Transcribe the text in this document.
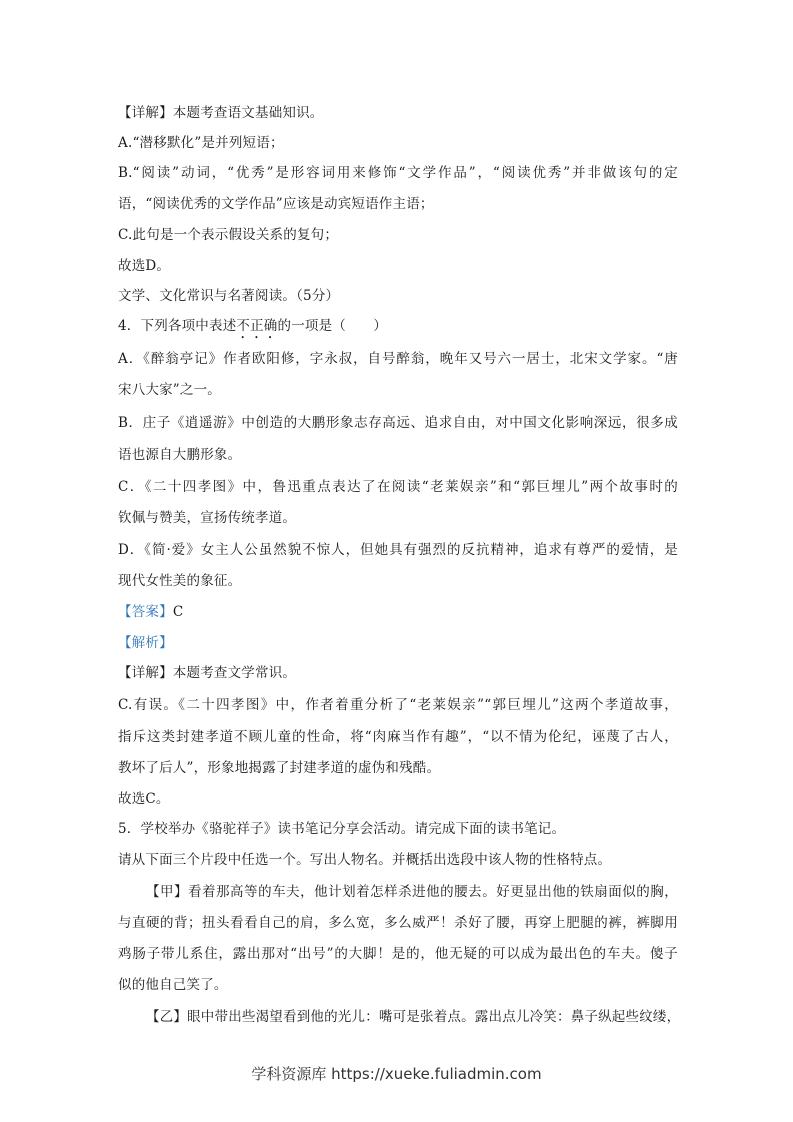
【详解】本题考查语文基础知识。
A.“潜移默化”是并列短语；
B.“阅读”动词，“优秀”是形容词用来修饰“文学作品”，“阅读优秀”并非做该句的定
语，“阅读优秀的文学作品”应该是动宾短语作主语；
C.此句是一个表示假设关系的复句；
故选D。
文学、文化常识与名著阅读。（5分）
4．下列各项中表述不正确的一项是（　　）
A．《醉翁亭记》作者欧阳修，字永叔，自号醉翁，晚年又号六一居士，北宋文学家。“唐
宋八大家”之一。
B．庄子《逍遥游》中创造的大鹏形象志存高远、追求自由，对中国文化影响深远，很多成
语也源自大鹏形象。
C．《二十四孝图》中，鲁迅重点表达了在阅读“老莱娱亲”和“郭巨埋儿”两个故事时的
钦佩与赞美，宣扬传统孝道。
D．《简·爱》女主人公虽然貌不惊人，但她具有强烈的反抗精神，追求有尊严的爱情，是
现代女性美的象征。
【答案】C
【解析】
【详解】本题考查文学常识。
C.有误。《二十四孝图》中，作者着重分析了“老莱娱亲”“郭巨埋儿”这两个孝道故事，
指斥这类封建孝道不顾儿童的性命，将“肉麻当作有趣”，“以不情为伦纪，诬蔑了古人，
教坏了后人”，形象地揭露了封建孝道的虚伪和残酷。
故选C。
5．学校举办《骆驼祥子》读书笔记分享会活动。请完成下面的读书笔记。
请从下面三个片段中任选一个。写出人物名。并概括出选段中该人物的性格特点。
【甲】看着那高等的车夫，他计划着怎样杀进他的腰去。好更显出他的铁扇面似的胸，
与直硬的背；扭头看看自己的肩，多么宽，多么威严！杀好了腰，再穿上肥腿的裤，裤脚用
鸡肠子带儿系住，露出那对“出号”的大脚！是的，他无疑的可以成为最出色的车夫。傻子
似的他自己笑了。
【乙】眼中带出些渴望看到他的光儿：嘴可是张着点。露出点儿冷笑：鼻子纵起些纹缕，
学科资源库 https://xueke.fuliadmin.com
